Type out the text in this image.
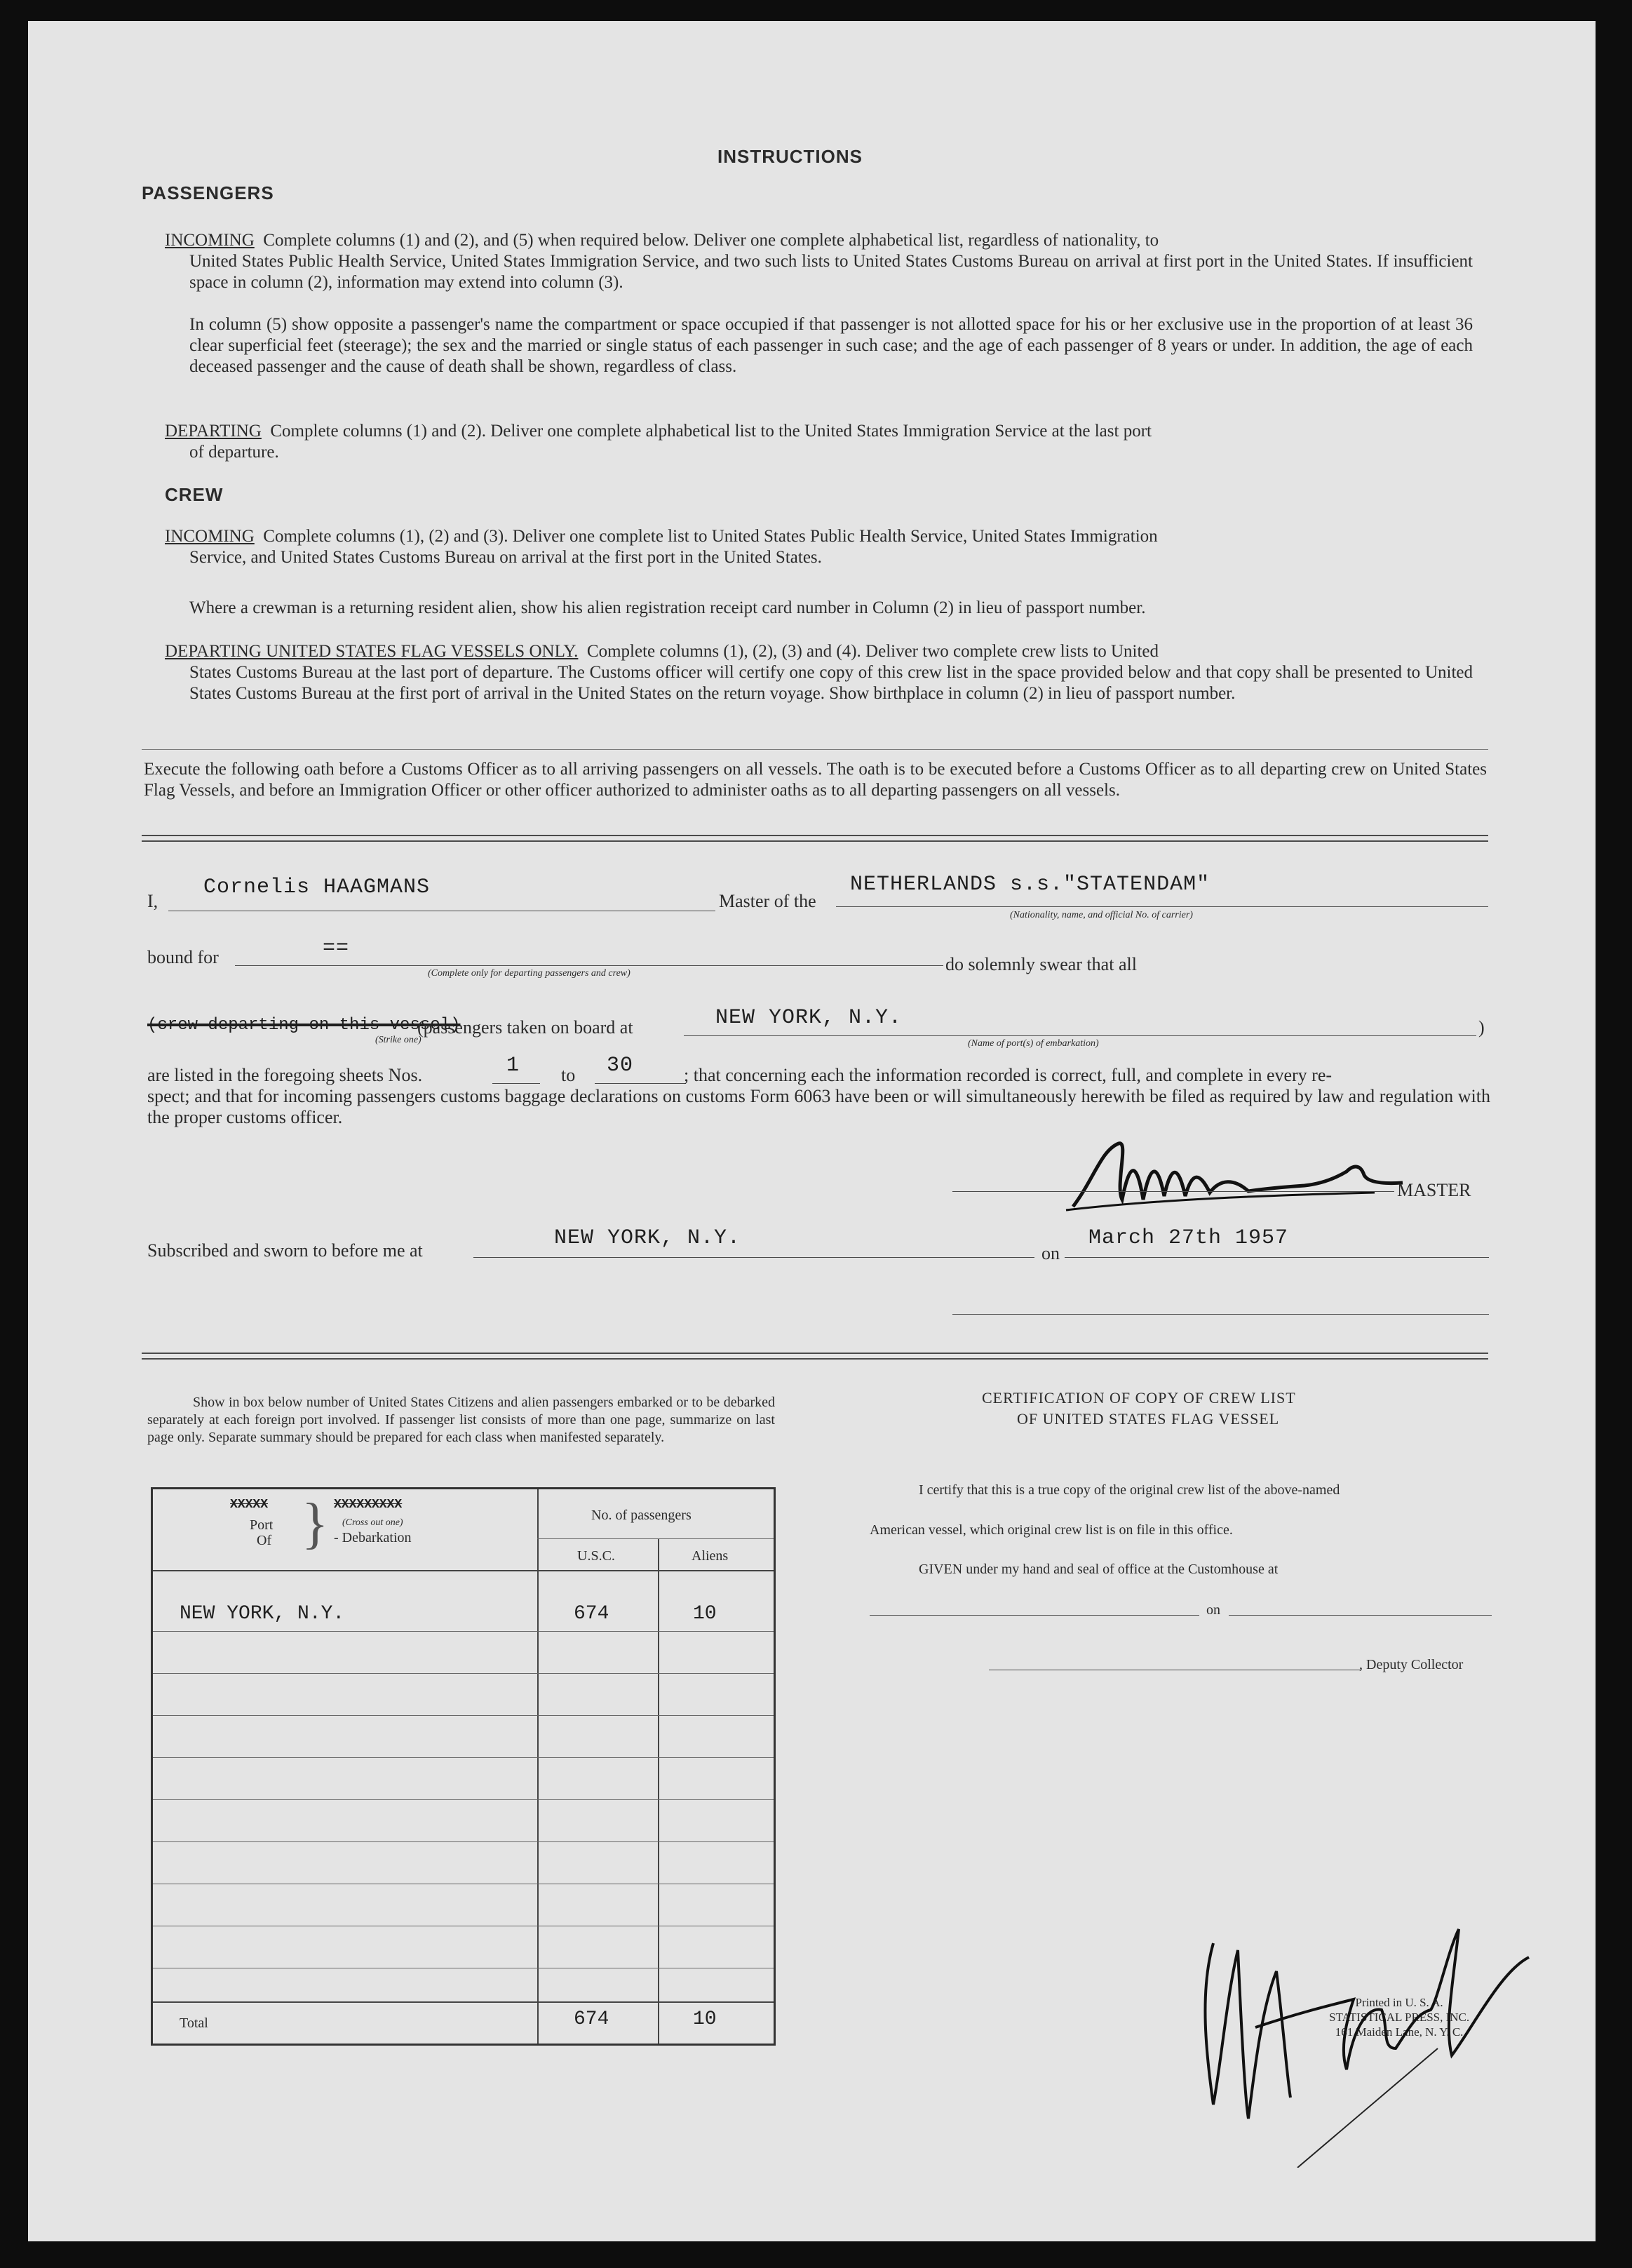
INSTRUCTIONS
PASSENGERS
INCOMING Complete columns (1) and (2), and (5) when required below. Deliver one complete alphabetical list, regardless of nationality, to
United States Public Health Service, United States Immigration Service, and two such lists to United States Customs Bureau on arrival at first port in the United States. If insufficient space in column (2), information may extend into column (3).
In column (5) show opposite a passenger's name the compartment or space occupied if that passenger is not allotted space for his or her exclusive use in the proportion of at least 36 clear superficial feet (steerage); the sex and the married or single status of each passenger in such case; and the age of each passenger of 8 years or under. In addition, the age of each deceased passenger and the cause of death shall be shown, regardless of class.
DEPARTING Complete columns (1) and (2). Deliver one complete alphabetical list to the United States Immigration Service at the last port
of departure.
CREW
INCOMING Complete columns (1), (2) and (3). Deliver one complete list to United States Public Health Service, United States Immigration
Service, and United States Customs Bureau on arrival at the first port in the United States.
Where a crewman is a returning resident alien, show his alien registration receipt card number in Column (2) in lieu of passport number.
DEPARTING UNITED STATES FLAG VESSELS ONLY. Complete columns (1), (2), (3) and (4). Deliver two complete crew lists to United
States Customs Bureau at the last port of departure. The Customs officer will certify one copy of this crew list in the space provided below and that copy shall be presented to United States Customs Bureau at the first port of arrival in the United States on the return voyage. Show birthplace in column (2) in lieu of passport number.
Execute the following oath before a Customs Officer as to all arriving passengers on all vessels. The oath is to be executed before a Customs Officer as to all departing crew on United States Flag Vessels, and before an Immigration Officer or other officer authorized to administer oaths as to all departing passengers on all vessels.
I,
Cornelis HAAGMANS
Master of the
NETHERLANDS s.s."STATENDAM"
(Nationality, name, and official No. of carrier)
bound for	==
(Complete only for departing passengers and crew)	do solemnly swear that all
(crew departing on this vessel)
(Strike one)
(passengers taken on board at	NEW YORK, N.Y.
(Name of port(s) of embarkation)
)
are listed in the foregoing sheets Nos.	1 to 30	; that concerning each the information recorded is correct, full, and complete in every re-
spect; and that for incoming passengers customs baggage declarations on customs Form 6063 have been or will simultaneously herewith be filed as required by law and regulation with the proper customs officer.
MASTER
Subscribed and sworn to before me at
NEW YORK, N.Y.
on
March 27th 1957
Show in box below number of United States Citizens and alien passengers embarked or to be debarked separately at each foreign port involved. If passenger list consists of more than one page, summarize on last page only. Separate summary should be prepared for each class when manifested separately.
XXXXX
Port
Of } XXXXXXXXX
(Cross out one)
- Debarkation
No. of passengers
U.S.C.	Aliens
NEW YORK, N.Y.	674	10
Total	674	10
CERTIFICATION OF COPY OF CREW LIST
OF UNITED STATES FLAG VESSEL
I certify that this is a true copy of the original crew list of the above-named
American vessel, which original crew list is on file in this office.
GIVEN under my hand and seal of office at the Customhouse at
on
, Deputy Collector
Printed in U. S. A.
STATISTICAL PRESS, INC.
161 Maiden Lane, N. Y. C.
